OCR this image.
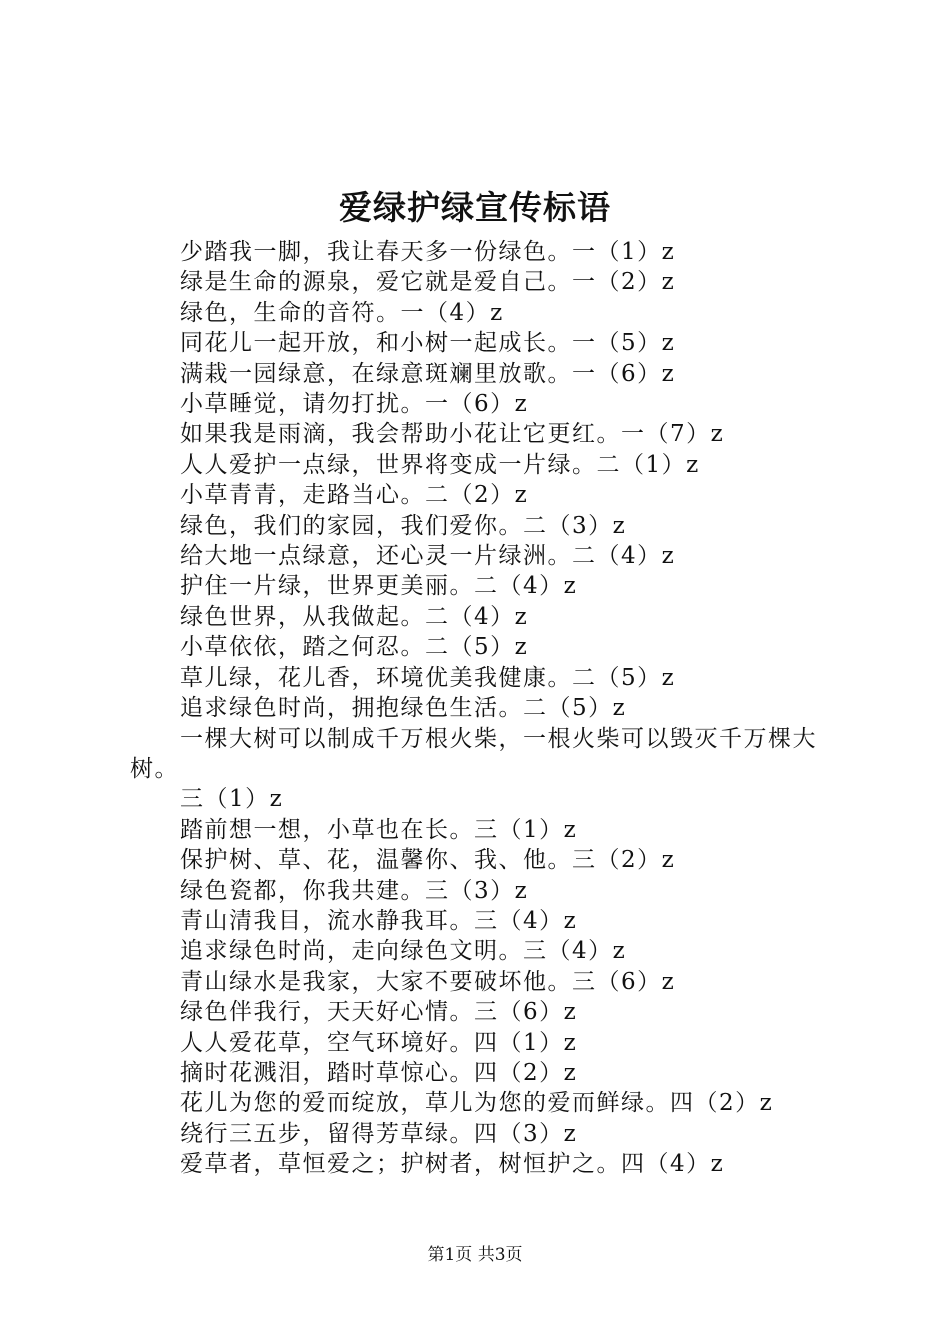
爱绿护绿宣传标语

少踏我一脚，我让春天多一份绿色。一（1）z

绿是生命的源泉，爱它就是爱自己。一（2）z

绿色，生命的音符。一（4）z

同花儿一起开放，和小树一起成长。一（5）z

满栽一园绿意，在绿意斑斓里放歌。一（6）z

小草睡觉，请勿打扰。一（6）z

如果我是雨滴，我会帮助小花让它更红。一（7）z

人人爱护一点绿，世界将变成一片绿。二（1）z

小草青青，走路当心。二（2）z

绿色，我们的家园，我们爱你。二（3）z

给大地一点绿意，还心灵一片绿洲。二（4）z

护住一片绿，世界更美丽。二（4）z

绿色世界，从我做起。二（4）z

小草依依，踏之何忍。二（5）z

草儿绿，花儿香，环境优美我健康。二（5）z

追求绿色时尚，拥抱绿色生活。二（5）z

一棵大树可以制成千万根火柴，一根火柴可以毁灭千万棵大树。

三（1）z

踏前想一想，小草也在长。三（1）z

保护树、草、花，温馨你、我、他。三（2）z

绿色瓷都，你我共建。三（3）z

青山清我目，流水静我耳。三（4）z

追求绿色时尚，走向绿色文明。三（4）z

青山绿水是我家，大家不要破坏他。三（6）z

绿色伴我行，天天好心情。三（6）z

人人爱花草，空气环境好。四（1）z

摘时花溅泪，踏时草惊心。四（2）z

花儿为您的爱而绽放，草儿为您的爱而鲜绿。四（2）z

绕行三五步，留得芳草绿。四（3）z

爱草者，草恒爱之；护树者，树恒护之。四（4）z

第1页 共3页
